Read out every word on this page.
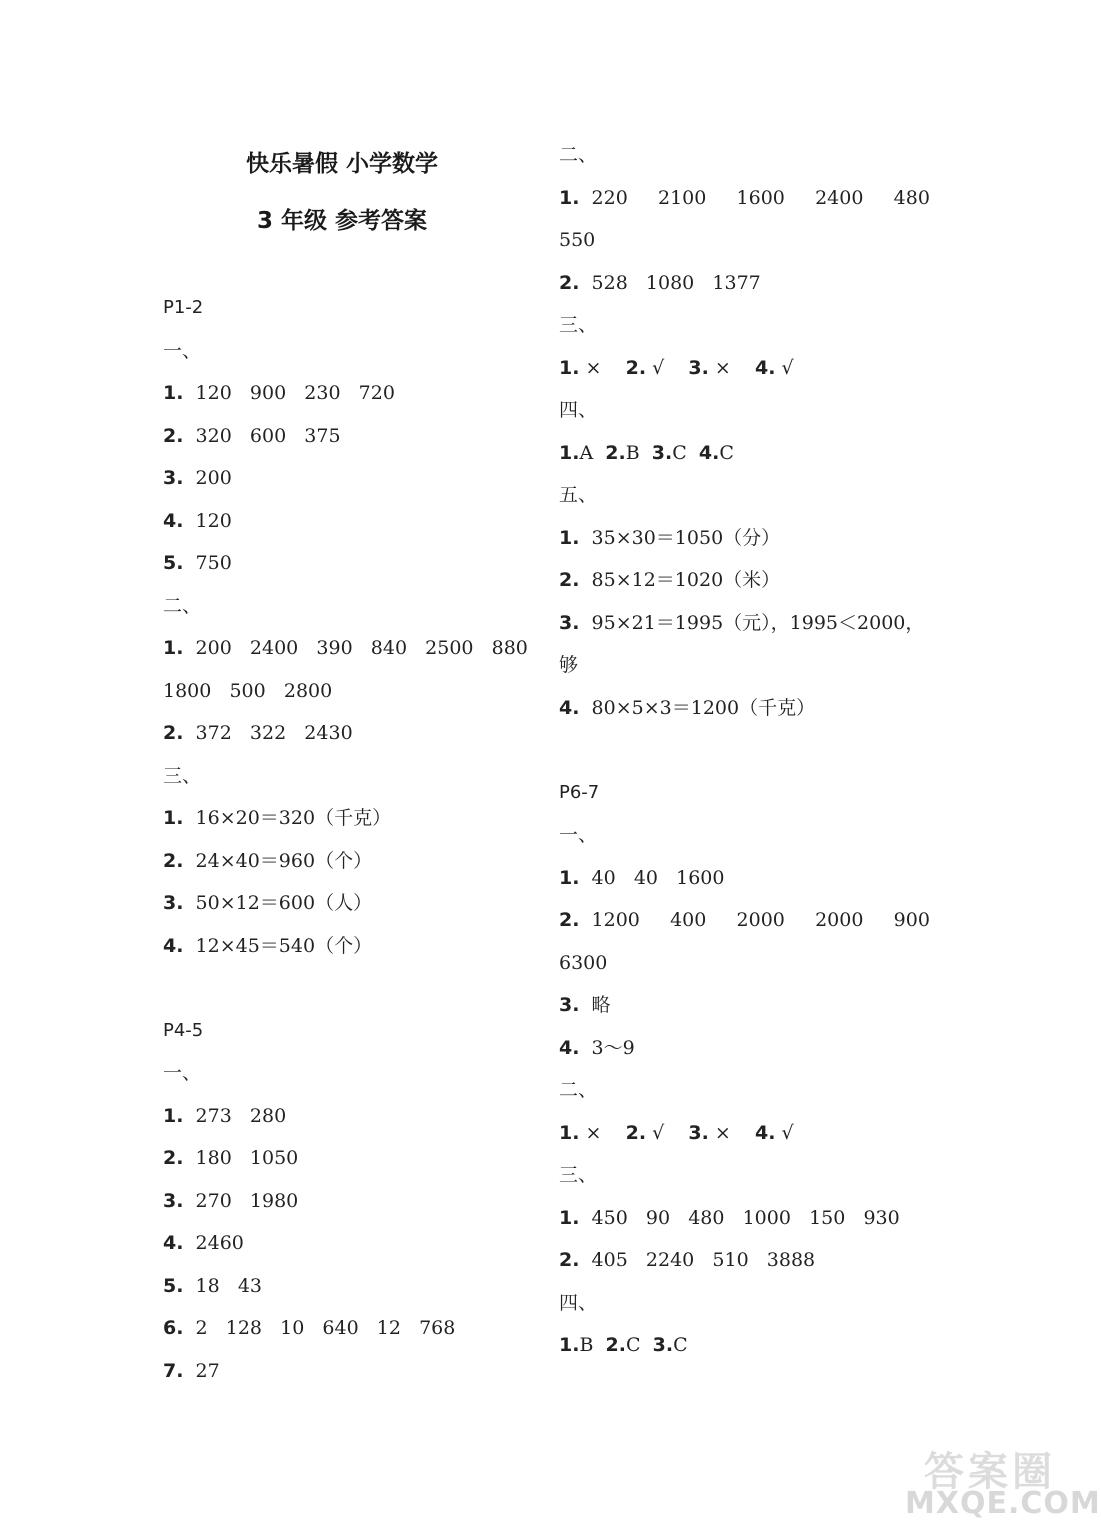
快乐暑假 小学数学
3 年级 参考答案
P1-2
一、
1.  120   900   230   720
2.  320   600   375
3.  200
4.  120
5.  750
二、
1.  200   2400   390   840   2500   880
1800   500   2800
2.  372   322   2430
三、
1.  16×20＝320（千克）
2.  24×40＝960（个）
3.  50×12＝600（人）
4.  12×45＝540（个）
P4-5
一、
1.  273   280
2.  180   1050
3.  270   1980
4.  2460
5.  18   43
6.  2   128   10   640   12   768
7.  27
二、
1.  220     2100     1600     2400     480
550
2.  528   1080   1377
三、
1. × 2. √ 3. × 4. √
四、
1.A 2.B 3.C 4.C
五、
1.  35×30＝1050（分）
2.  85×12＝1020（米）
3.  95×21＝1995（元），1995＜2000，
够
4.  80×5×3＝1200（千克）
P6-7
一、
1.  40   40   1600
2.  1200     400     2000     2000     900
6300
3.  略
4.  3～9
二、
1. × 2. √ 3. × 4. √
三、
1.  450   90   480   1000   150   930
2.  405   2240   510   3888
四、
1.B 2.C 3.C
答案圈
MXQE.COM
